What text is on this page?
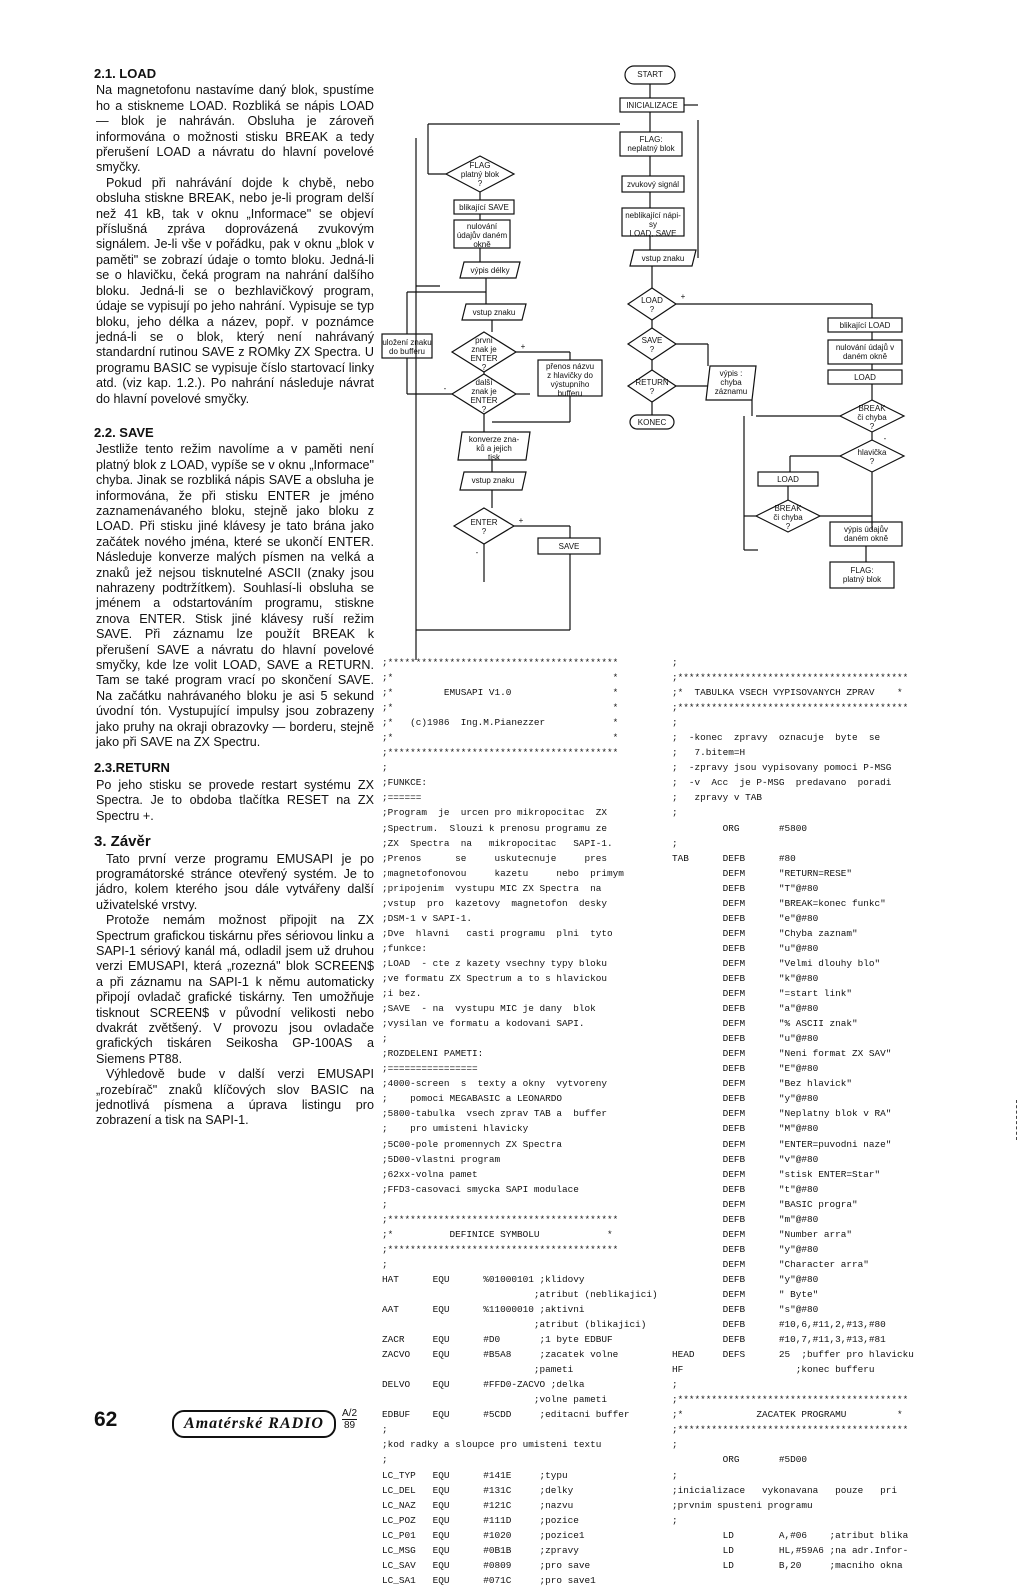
2.1. LOAD
Na magnetofonu nastavíme daný blok, spustíme ho a stiskneme LOAD. Rozbliká se nápis LOAD — blok je nahráván. Obsluha je zároveň informována o možnosti stisku BREAK a tedy přerušení LOAD a návratu do hlavní povelové smyčky.
Pokud při nahrávání dojde k chybě, nebo obsluha stiskne BREAK, nebo je-li program delší než 41 kB, tak v oknu „Informace" se objeví příslušná zpráva doprovázená zvukovým signálem. Je-li vše v pořádku, pak v oknu „blok v paměti" se zobrazí údaje o tomto bloku. Jedná-li se o hlavičku, čeká program na nahrání dalšího bloku. Jedná-li se o bezhlavičkový program, údaje se vypisují po jeho nahrání. Vypisuje se typ bloku, jeho délka a název, popř. v poznámce jedná-li se o blok, který není nahrávaný standardní rutinou SAVE z ROMky ZX Spectra. U programu BASIC se vypisuje číslo startovací linky atd. (viz kap. 1.2.). Po nahrání následuje návrat do hlavní povelové smyčky.
2.2. SAVE
Jestliže tento režim navolíme a v paměti není platný blok z LOAD, vypíše se v oknu „Informace" chyba. Jinak se rozbliká nápis SAVE a obsluha je informována, že při stisku ENTER je jméno zaznamenávaného bloku, stejně jako bloku z LOAD. Při stisku jiné klávesy je tato brána jako začátek nového jména, které se ukončí ENTER. Následuje konverze malých písmen na velká a znaků jež nejsou tisknutelné ASCII (znaky jsou nahrazeny podtržítkem). Souhlasí-li obsluha se jménem a odstartováním programu, stiskne znova ENTER. Stisk jiné klávesy ruší režim SAVE. Při záznamu lze použít BREAK k přerušení SAVE a návratu do hlavní povelové smyčky, kde lze volit LOAD, SAVE a RETURN. Tam se také program vrací po skončení SAVE. Na začátku nahrávaného bloku je asi 5 sekund úvodní tón. Vystupující impulsy jsou zobrazeny jako pruhy na okraji obrazovky — borderu, stejně jako při SAVE na ZX Spectru.
2.3.RETURN
Po jeho stisku se provede restart systému ZX Spectra. Je to obdoba tlačítka RESET na ZX Spectru +.
3. Závěr
Tato první verze programu EMUSAPI je po programátorské stránce otevřený systém. Je to jádro, kolem kterého jsou dále vytvářeny další uživatelské vrstvy.
Protože nemám možnost připojit na ZX Spectrum grafickou tiskárnu přes sériovou linku a SAPI-1 sériový kanál má, odladil jsem už druhou verzi EMUSAPI, která „rozezná" blok SCREEN$ a při záznamu na SAPI-1 k němu automaticky připojí ovladač grafické tiskárny. Ten umožňuje tisknout SCREEN$ v původní velikosti nebo dvakrát zvětšený. V provozu jsou ovladače grafických tiskáren Seikosha GP-100AS a Siemens PT88.
Výhledově bude v další verzi EMUSAPI „rozebírač" znaků klíčových slov BASIC na jednotlivá písmena a úprava listingu pro zobrazení a tisk na SAPI-1.
62	Amatérské RADIO
A/2
89
START
INICIALIZACE
FLAG:
neplatný blok
FLAG
platný blok
?	zvukový signál
blikající SAVE
neblikající nápi-
sy
LOAD, SAVE
nulování
údajův daném
okně
vstup znaku
výpis délky
LOAD
?
vstup znaku
blikající LOAD
uložení znaku
do bufferu
SAVE
?	nulování údajů v
daném okně
první
znak je
ENTER
?	přenos názvu
z hlavičky do
výstupního
bufferu
výpis :
chyba
záznamu
LOAD
RETURN
?
další
znak je
ENTER
?	BREAK
či chyba
?
KONEC
konverze zna-
ků a jejich
tisk
hlavička
?
vstup znaku	LOAD
BREAK
či chyba
?
ENTER
?	výpis údajův
daném okně
SAVE
FLAG:
platný blok
+
+
+
-
-
-
;*****************************************
;*                                       *
;*         EMUSAPI V1.0                  *
;*                                       *
;*   (c)1986  Ing.M.Pianezzer            *
;*                                       *
;*****************************************
;
;FUNKCE:
;======
;Program  je  urcen pro mikropocitac  ZX
;Spectrum.  Slouzi k prenosu programu ze
;ZX  Spectra  na   mikropocitac   SAPI-1.
;Prenos      se     uskutecnuje     pres
;magnetofonovou     kazetu     nebo  primym
;pripojenim  vystupu MIC ZX Spectra  na
;vstup  pro  kazetovy  magnetofon  desky
;DSM-1 v SAPI-1.
;Dve  hlavni   casti programu  plni  tyto
;funkce:
;LOAD  - cte z kazety vsechny typy bloku
;ve formatu ZX Spectrum a to s hlavickou
;i bez.
;SAVE  - na  vystupu MIC je dany  blok
;vysilan ve formatu a kodovani SAPI.
;
;ROZDELENI PAMETI:
;================
;4000-screen  s  texty a okny  vytvoreny
;    pomoci MEGABASIC a LEONARDO
;5800-tabulka  vsech zprav TAB a  buffer
;    pro umisteni hlavicky
;5C00-pole promennych ZX Spectra
;5D00-vlastni program
;62xx-volna pamet
;FFD3-casovaci smycka SAPI modulace
;
;*****************************************
;*          DEFINICE SYMBOLU            *
;*****************************************
;
HAT      EQU      %01000101 ;klidovy
;atribut (neblikajici)
AAT      EQU      %11000010 ;aktivni
;atribut (blikajici)
ZACR     EQU      #D0       ;1 byte EDBUF
ZACVO    EQU      #B5A8     ;zacatek volne
;pameti
DELVO    EQU      #FFD0-ZACVO ;delka
;volne pameti
EDBUF    EQU      #5CDD     ;editacni buffer
;
;kod radky a sloupce pro umisteni textu
;
LC_TYP   EQU      #141E     ;typu
LC_DEL   EQU      #131C     ;delky
LC_NAZ   EQU      #121C     ;nazvu
LC_POZ   EQU      #111D     ;pozice
LC_P01   EQU      #1020     ;pozice1
LC_MSG   EQU      #0B1B     ;zpravy
LC_SAV   EQU      #0809     ;pro save
LC_SA1   EQU      #071C     ;pro save1
;
;*****************************************
;*  TABULKA VSECH VYPISOVANYCH ZPRAV    *
;*****************************************
;
;  -konec  zpravy  oznacuje  byte  se
;   7.bitem=H
;  -zpravy jsou vypisovany pomoci P-MSG
;  -v  Acc  je P-MSG  predavano  poradi
;   zpravy v TAB
;
ORG       #5800
;
TAB      DEFB      #80
DEFM      "RETURN=RESE"
DEFB      "T"@#80
DEFM      "BREAK=konec funkc"
DEFB      "e"@#80
DEFM      "Chyba zaznam"
DEFB      "u"@#80
DEFM      "Velmi dlouhy blo"
DEFB      "k"@#80
DEFM      "=start link"
DEFB      "a"@#80
DEFM      "% ASCII znak"
DEFB      "u"@#80
DEFM      "Neni format ZX SAV"
DEFB      "E"@#80
DEFM      "Bez hlavick"
DEFB      "y"@#80
DEFM      "Neplatny blok v RA"
DEFB      "M"@#80
DEFM      "ENTER=puvodni naze"
DEFB      "v"@#80
DEFM      "stisk ENTER=Star"
DEFB      "t"@#80
DEFM      "BASIC progra"
DEFB      "m"@#80
DEFM      "Number arra"
DEFB      "y"@#80
DEFM      "Character arra"
DEFB      "y"@#80
DEFM      " Byte"
DEFB      "s"@#80
DEFB      #10,6,#11,2,#13,#80
DEFB      #10,7,#11,3,#13,#81
HEAD     DEFS      25  ;buffer pro hlavicku
HF                    ;konec bufferu
;
;*****************************************
;*             ZACATEK PROGRAMU         *
;*****************************************
;
ORG       #5D00
;
;inicializace   vykonavana   pouze   pri
;prvnim spusteni programu
;
LD        A,#06    ;atribut blika
LD        HL,#59A6 ;na adr.Infor-
LD        B,20     ;macniho okna
